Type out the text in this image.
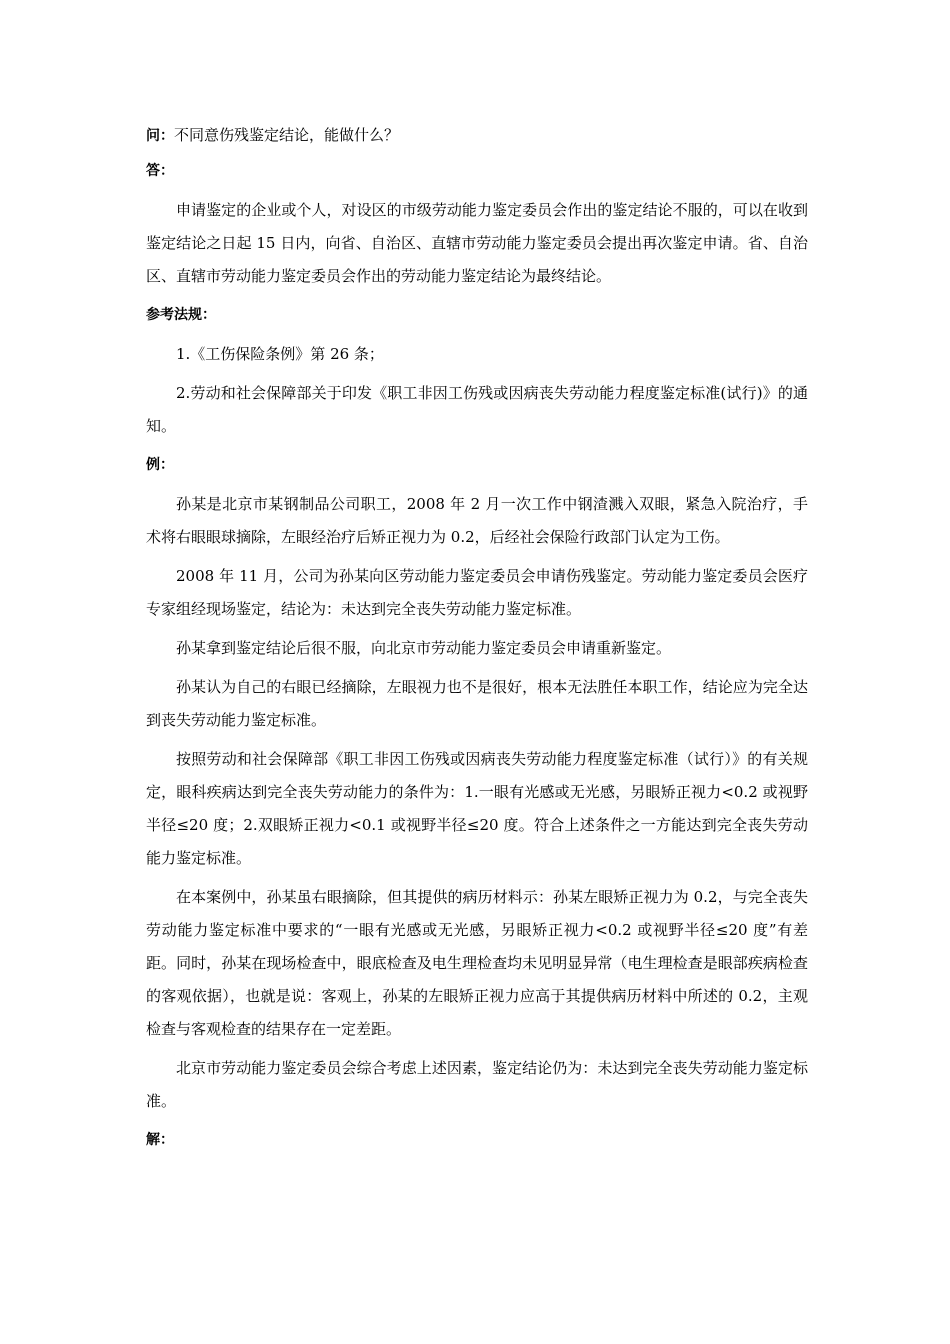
问：不同意伤残鉴定结论，能做什么？

答：

申请鉴定的企业或个人，对设区的市级劳动能力鉴定委员会作出的鉴定结论不服的，可以在收到鉴定结论之日起 15 日内，向省、自治区、直辖市劳动能力鉴定委员会提出再次鉴定申请。省、自治区、直辖市劳动能力鉴定委员会作出的劳动能力鉴定结论为最终结论。

参考法规：

1.《工伤保险条例》第 26 条；

2.劳动和社会保障部关于印发《职工非因工伤残或因病丧失劳动能力程度鉴定标准(试行)》的通知。

例：

孙某是北京市某钢制品公司职工，2008 年 2 月一次工作中钢渣溅入双眼，紧急入院治疗，手术将右眼眼球摘除，左眼经治疗后矫正视力为 0.2，后经社会保险行政部门认定为工伤。

2008 年 11 月，公司为孙某向区劳动能力鉴定委员会申请伤残鉴定。劳动能力鉴定委员会医疗专家组经现场鉴定，结论为：未达到完全丧失劳动能力鉴定标准。

孙某拿到鉴定结论后很不服，向北京市劳动能力鉴定委员会申请重新鉴定。

孙某认为自己的右眼已经摘除，左眼视力也不是很好，根本无法胜任本职工作，结论应为完全达到丧失劳动能力鉴定标准。

按照劳动和社会保障部《职工非因工伤残或因病丧失劳动能力程度鉴定标准（试行）》的有关规定，眼科疾病达到完全丧失劳动能力的条件为：1.一眼有光感或无光感，另眼矫正视力<0.2 或视野半径≤20 度；2.双眼矫正视力<0.1 或视野半径≤20 度。符合上述条件之一方能达到完全丧失劳动能力鉴定标准。

在本案例中，孙某虽右眼摘除，但其提供的病历材料示：孙某左眼矫正视力为 0.2，与完全丧失劳动能力鉴定标准中要求的“一眼有光感或无光感，另眼矫正视力<0.2 或视野半径≤20 度”有差距。同时，孙某在现场检查中，眼底检查及电生理检查均未见明显异常（电生理检查是眼部疾病检查的客观依据），也就是说：客观上，孙某的左眼矫正视力应高于其提供病历材料中所述的 0.2，主观检查与客观检查的结果存在一定差距。

北京市劳动能力鉴定委员会综合考虑上述因素，鉴定结论仍为：未达到完全丧失劳动能力鉴定标准。

解：
